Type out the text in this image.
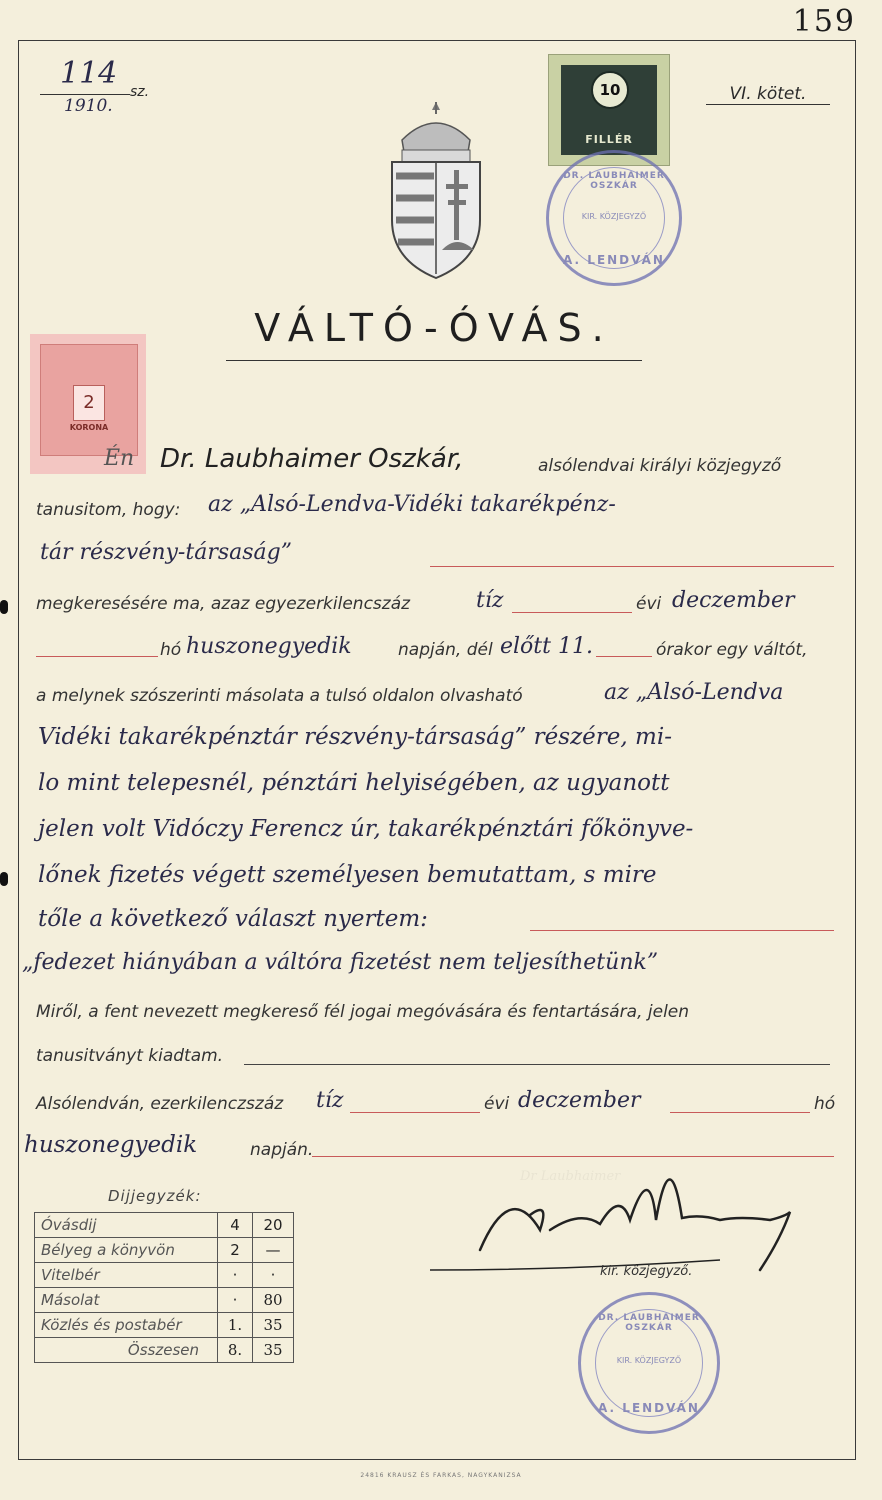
159
114
sz.
1910.
VI. kötet.
10
FILLÉR
DR. LAUBHAIMER OSZKÁR
KIR. KÖZJEGYZŐ
A. LENDVÁN
2
KORONA
VÁLTÓ-ÓVÁS.
Én Dr. Laubhaimer Oszkár,	alsólendvai királyi közjegyző
tanusitom, hogy: az „Alsó-Lendva-Vidéki takarékpénz-
tár részvény-társaság”
megkeresésére ma, azaz egyezerkilencszáz	tíz	évi deczember
hó huszonegyedik	napján, dél előtt 11.	órakor egy váltót,
a melynek szószerinti másolata a tulsó oldalon olvasható	az „Alsó-Lendva
Vidéki takarékpénztár részvény-társaság” részére, mi-
lo mint telepesnél, pénztári helyiségében, az ugyanott
jelen volt Vidóczy Ferencz úr, takarékpénztári főkönyve-
lőnek fizetés végett személyesen bemutattam, s mire
tőle a következő választ nyertem:
„fedezet hiányában a váltóra fizetést nem teljesíthetünk”
Miről, a fent nevezett megkereső fél jogai megóvására és fentartására, jelen
tanusitványt kiadtam.
Alsólendván, ezerkilenczszáz tíz	évi deczember	hó
huszonegyedik	napján.
Dijjegyzék:
Óvásdij	4	20
Bélyeg a könyvön	2	—
Vitelbér	·	·
Másolat	·	80
Közlés és postabér	1.	35
Összesen	8.	35
Dr Laubhaimer
kir. közjegyző.
DR. LAUBHAIMER OSZKÁR
KIR. KÖZJEGYZŐ
A. LENDVÁN
24816 KRAUSZ ÉS FARKAS, NAGYKANIZSA
